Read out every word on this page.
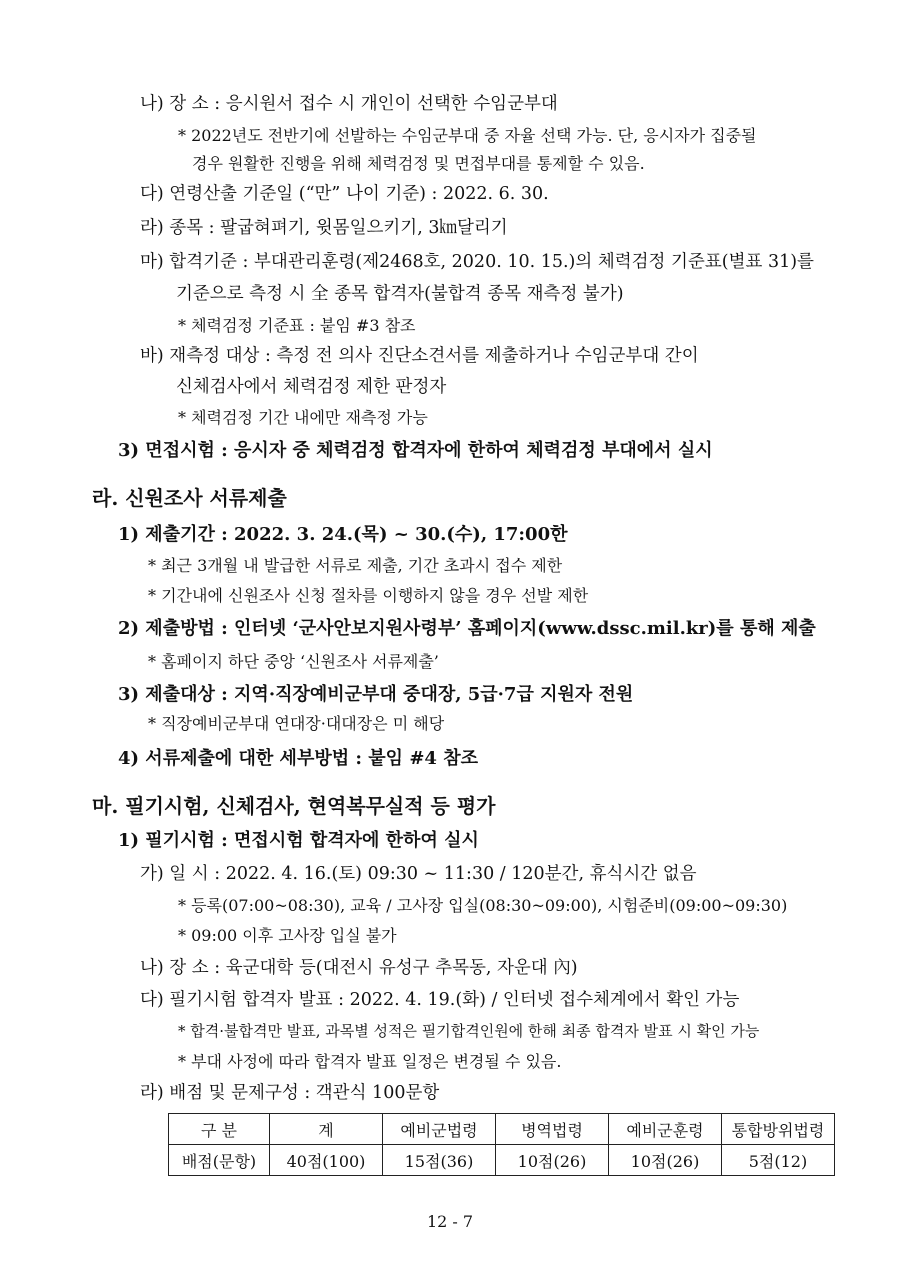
나) 장 소 : 응시원서 접수 시 개인이 선택한 수임군부대
* 2022년도 전반기에 선발하는 수임군부대 중 자율 선택 가능. 단, 응시자가 집중될
경우 원활한 진행을 위해 체력검정 및 면접부대를 통제할 수 있음.
다) 연령산출 기준일 (“만” 나이 기준) : 2022. 6. 30.
라) 종목 : 팔굽혀펴기, 윗몸일으키기, 3㎞달리기
마) 합격기준 : 부대관리훈령(제2468호, 2020. 10. 15.)의 체력검정 기준표(별표 31)를
기준으로 측정 시 全 종목 합격자(불합격 종목 재측정 불가)
* 체력검정 기준표 : 붙임 #3 참조
바) 재측정 대상 : 측정 전 의사 진단소견서를 제출하거나 수임군부대 간이
신체검사에서 체력검정 제한 판정자
* 체력검정 기간 내에만 재측정 가능
3) 면접시험 : 응시자 중 체력검정 합격자에 한하여 체력검정 부대에서 실시
라. 신원조사 서류제출
1) 제출기간 : 2022. 3. 24.(목) ~ 30.(수), 17:00한
* 최근 3개월 내 발급한 서류로 제출, 기간 초과시 접수 제한
* 기간내에 신원조사 신청 절차를 이행하지 않을 경우 선발 제한
2) 제출방법 : 인터넷 ‘군사안보지원사령부’ 홈페이지(www.dssc.mil.kr)를 통해 제출
* 홈페이지 하단 중앙 ‘신원조사 서류제출’
3) 제출대상 : 지역·직장예비군부대 중대장, 5급·7급 지원자 전원
* 직장예비군부대 연대장·대대장은 미 해당
4) 서류제출에 대한 세부방법 : 붙임 #4 참조
마. 필기시험, 신체검사, 현역복무실적 등 평가
1) 필기시험 : 면접시험 합격자에 한하여 실시
가) 일 시 : 2022. 4. 16.(토) 09:30 ~ 11:30 / 120분간, 휴식시간 없음
* 등록(07:00~08:30), 교육 / 고사장 입실(08:30~09:00), 시험준비(09:00~09:30)
* 09:00 이후 고사장 입실 불가
나) 장 소 : 육군대학 등(대전시 유성구 추목동, 자운대 內)
다) 필기시험 합격자 발표 : 2022. 4. 19.(화) / 인터넷 접수체계에서 확인 가능
* 합격·불합격만 발표, 과목별 성적은 필기합격인원에 한해 최종 합격자 발표 시 확인 가능
* 부대 사정에 따라 합격자 발표 일정은 변경될 수 있음.
라) 배점 및 문제구성 : 객관식 100문항
구 분	계	예비군법령	병역법령	예비군훈령	통합방위법령
배점(문항)	40점(100)	15점(36)	10점(26)	10점(26)	5점(12)
12 - 7
